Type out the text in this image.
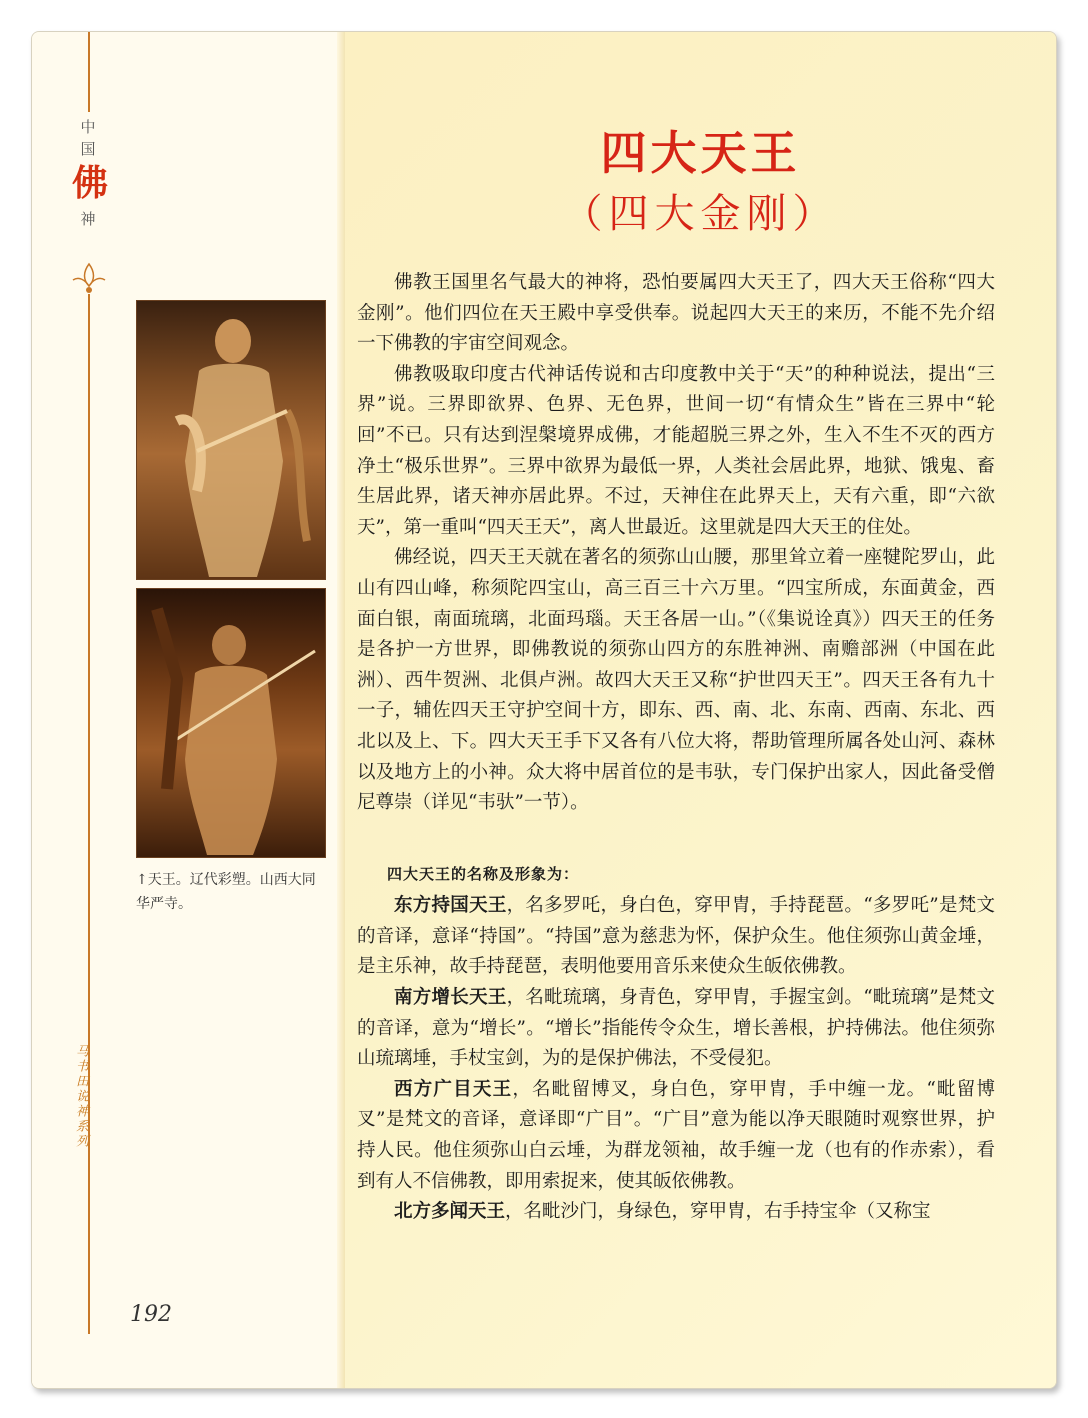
中
国
佛
神
↑天王。辽代彩塑。山西大同华严寺。
马书田说神系列
192
四大天王
（四大金刚）

佛教王国里名气最大的神将，恐怕要属四大天王了，四大天王俗称“四大金刚”。他们四位在天王殿中享受供奉。说起四大天王的来历，不能不先介绍一下佛教的宇宙空间观念。

佛教吸取印度古代神话传说和古印度教中关于“天”的种种说法，提出“三界”说。三界即欲界、色界、无色界，世间一切“有情众生”皆在三界中“轮回”不已。只有达到涅槃境界成佛，才能超脱三界之外，生入不生不灭的西方净土“极乐世界”。三界中欲界为最低一界，人类社会居此界，地狱、饿鬼、畜生居此界，诸天神亦居此界。不过，天神住在此界天上，天有六重，即“六欲天”，第一重叫“四天王天”，离人世最近。这里就是四大天王的住处。

佛经说，四天王天就在著名的须弥山山腰，那里耸立着一座犍陀罗山，此山有四山峰，称须陀四宝山，高三百三十六万里。“四宝所成，东面黄金，西面白银，南面琉璃，北面玛瑙。天王各居一山。”（《集说诠真》）四天王的任务是各护一方世界，即佛教说的须弥山四方的东胜神洲、南赡部洲（中国在此洲）、西牛贺洲、北俱卢洲。故四大天王又称“护世四天王”。四天王各有九十一子，辅佐四天王守护空间十方，即东、西、南、北、东南、西南、东北、西北以及上、下。四大天王手下又各有八位大将，帮助管理所属各处山河、森林以及地方上的小神。众大将中居首位的是韦驮，专门保护出家人，因此备受僧尼尊崇（详见“韦驮”一节）。

四大天王的名称及形象为：

东方持国天王，名多罗吒，身白色，穿甲胄，手持琵琶。“多罗吒”是梵文的音译，意译“持国”。“持国”意为慈悲为怀，保护众生。他住须弥山黄金埵，是主乐神，故手持琵琶，表明他要用音乐来使众生皈依佛教。

南方增长天王，名毗琉璃，身青色，穿甲胄，手握宝剑。“毗琉璃”是梵文的音译，意为“增长”。“增长”指能传令众生，增长善根，护持佛法。他住须弥山琉璃埵，手杖宝剑，为的是保护佛法，不受侵犯。

西方广目天王，名毗留博叉，身白色，穿甲胄，手中缠一龙。“毗留博叉”是梵文的音译，意译即“广目”。“广目”意为能以净天眼随时观察世界，护持人民。他住须弥山白云埵，为群龙领袖，故手缠一龙（也有的作赤索），看到有人不信佛教，即用索捉来，使其皈依佛教。

北方多闻天王，名毗沙门，身绿色，穿甲胄，右手持宝伞（又称宝
